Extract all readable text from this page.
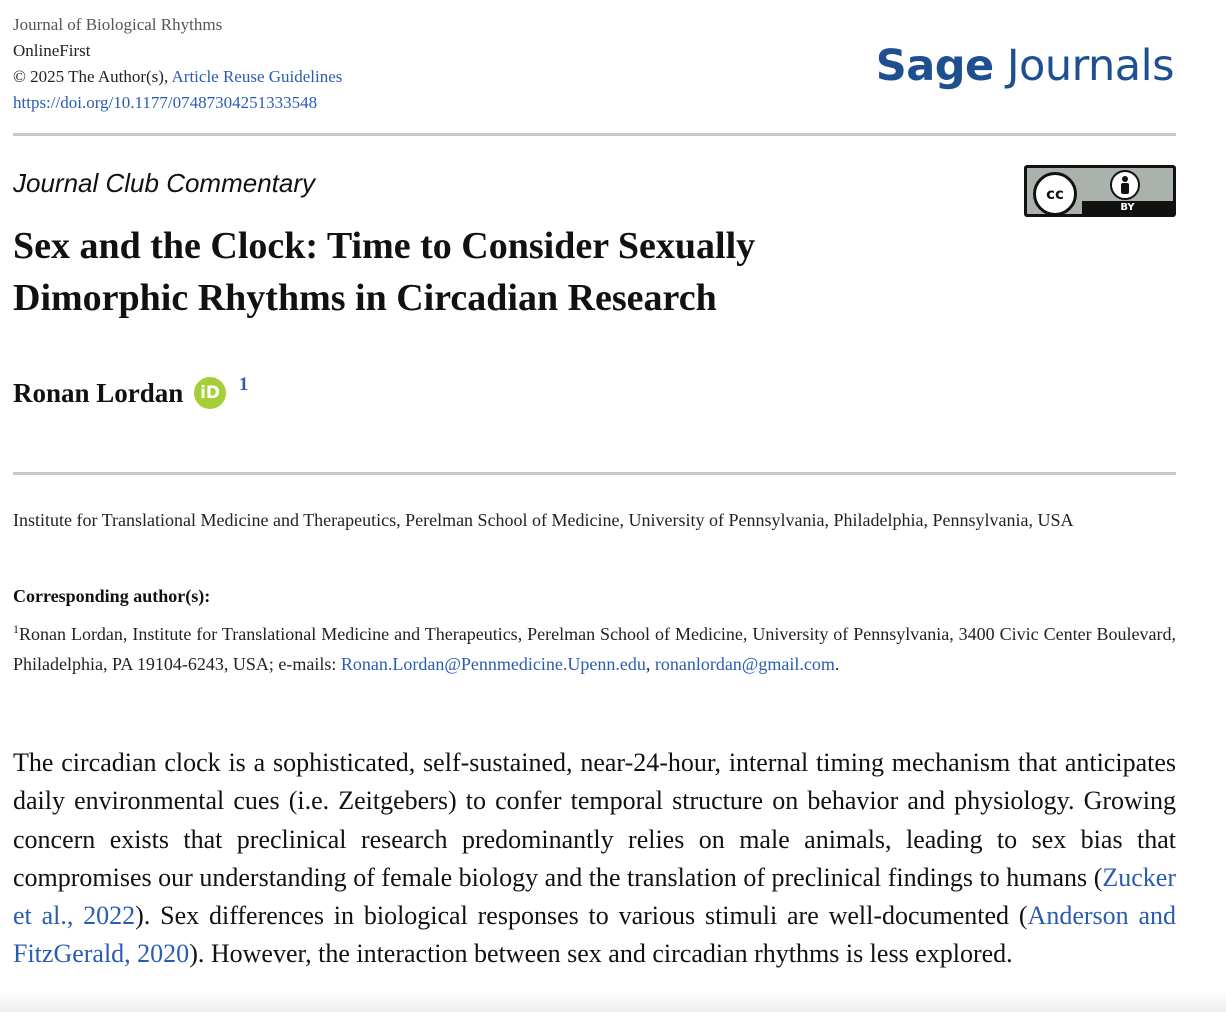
Journal of Biological Rhythms
OnlineFirst
© 2025 The Author(s), Article Reuse Guidelines
https://doi.org/10.1177/07487304251333548
Sage Journals
Journal Club Commentary	cc
BY
Sex and the Clock: Time to Consider Sexually Dimorphic Rhythms in Circadian Research
Ronan Lordan iD $^1$
Institute for Translational Medicine and Therapeutics, Perelman School of Medicine, University of Pennsylvania, Philadelphia, Pennsylvania, USA
Corresponding author(s):
$^1$Ronan Lordan, Institute for Translational Medicine and Therapeutics, Perelman School of Medicine, University of Pennsylvania, 3400 Civic Center Boulevard, Philadelphia, PA 19104-6243, USA; e-mails: Ronan.Lordan@Pennmedicine.Upenn.edu, ronanlordan@gmail.com.

The circadian clock is a sophisticated, self-sustained, near-24-hour, internal timing mechanism that anticipates daily environmental cues (i.e. Zeitgebers) to confer temporal structure on behavior and physiology. Growing concern exists that preclinical research predominantly relies on male animals, leading to sex bias that compromises our understanding of female biology and the translation of preclinical findings to humans (Zucker et al., 2022). Sex differences in biological responses to various stimuli are well-documented (Anderson and FitzGerald, 2020). However, the interaction between sex and circadian rhythms is less explored.
